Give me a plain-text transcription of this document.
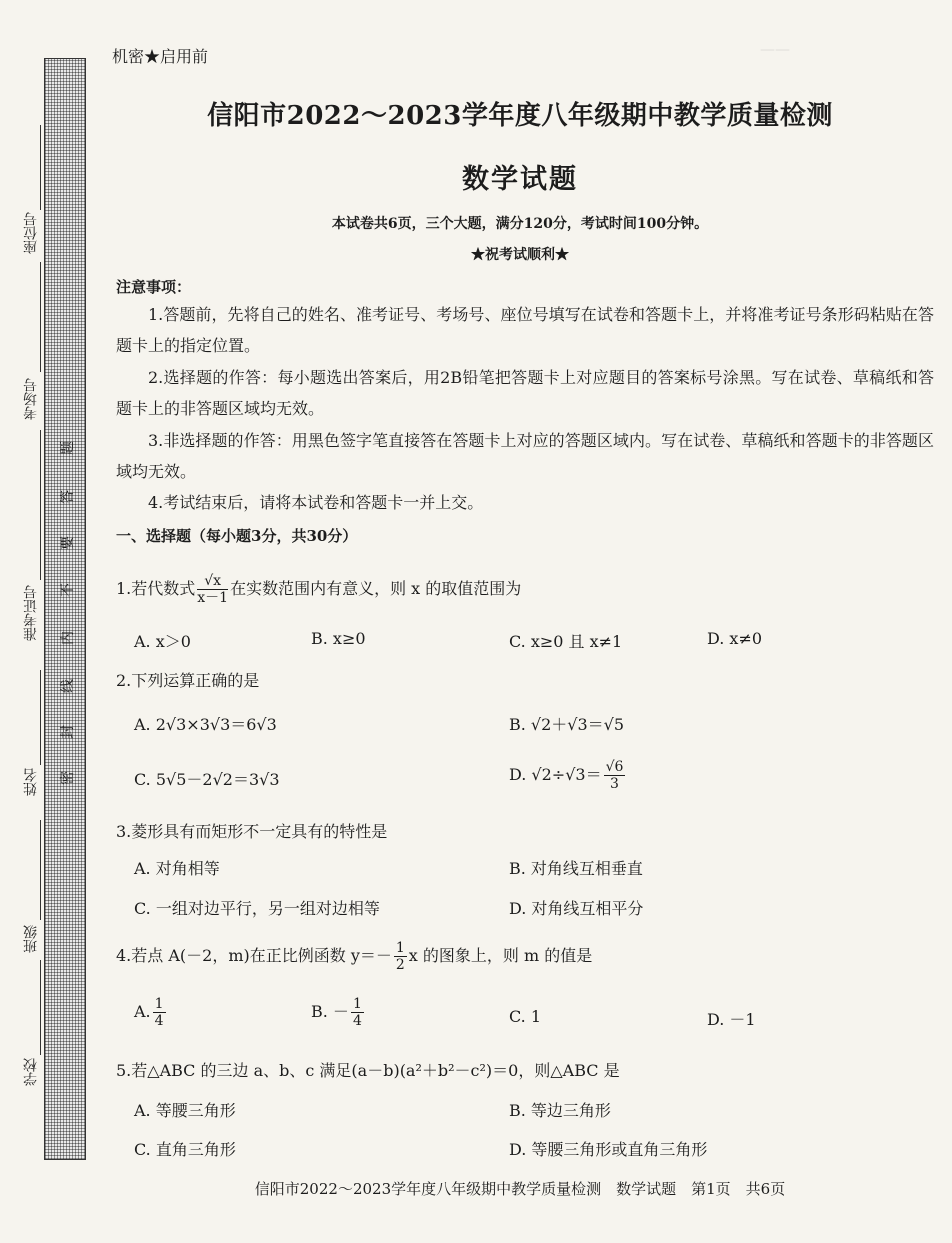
——
座位号
考场号
准考证号
姓名
班级
学校
密
封
线
内
不
要
答
题
机密★启用前
信阳市2022～2023学年度八年级期中教学质量检测
数学试题
本试卷共6页，三个大题，满分120分，考试时间100分钟。
★祝考试顺利★
注意事项：
1.答题前，先将自己的姓名、准考证号、考场号、座位号填写在试卷和答题卡上，并将准考证号条形码粘贴在答题卡上的指定位置。
2.选择题的作答：每小题选出答案后，用2B铅笔把答题卡上对应题目的答案标号涂黑。写在试卷、草稿纸和答题卡上的非答题区域均无效。
3.非选择题的作答：用黑色签字笔直接答在答题卡上对应的答题区域内。写在试卷、草稿纸和答题卡的非答题区域均无效。
4.考试结束后，请将本试卷和答题卡一并上交。
一、选择题（每小题3分，共30分）
1.若代数式 $\frac{√x}{x-1}$ 在实数范围内有意义，则 x 的取值范围为
A. x＞0	B. x≥0	C. x≥0 且 x≠1	D. x≠0
2.下列运算正确的是
A. 2√3×3√3＝6√3	B. √2＋√3＝√5
C. 5√5－2√2＝3√3	D. $√2\div√3= \frac{√6}{3}$
3.菱形具有而矩形不一定具有的特性是
A. 对角相等	B. 对角线互相垂直
C. 一组对边平行，另一组对边相等	D. 对角线互相平分
4.若点 A(－2，m)在正比例函数 $y=- \frac{1}{2}$ x 的图象上，则 m 的值是
A. $\frac{1}{4}$	B. － $\frac{1}{4}$	C. 1	D. －1
5.若△ABC 的三边 a、b、c 满足(a－b)(a²＋b²－c²)＝0，则△ABC 是
A. 等腰三角形	B. 等边三角形
C. 直角三角形	D. 等腰三角形或直角三角形
信阳市2022～2023学年度八年级期中教学质量检测　数学试题　第1页　共6页
